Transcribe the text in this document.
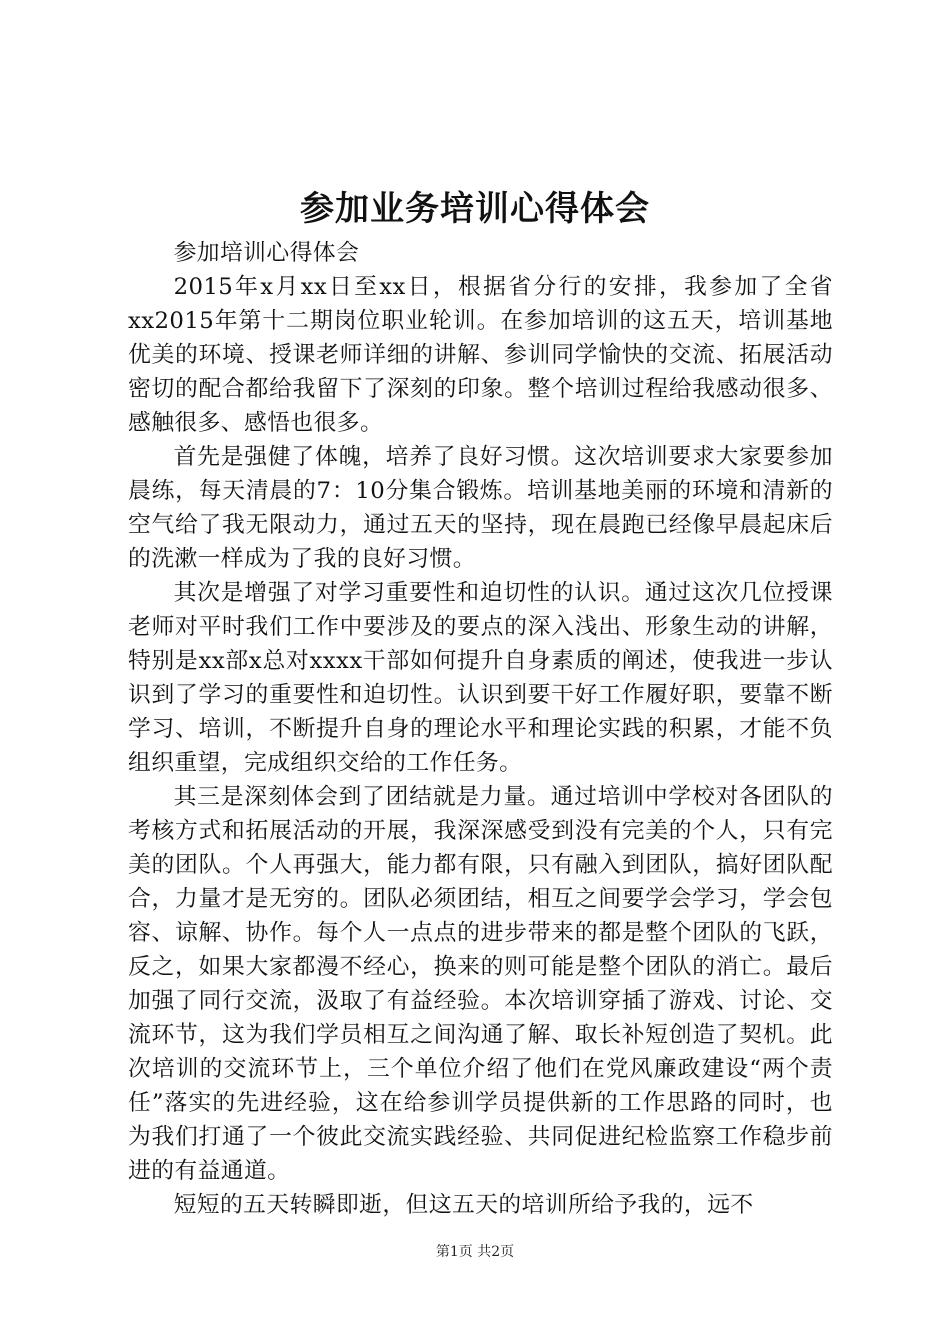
参加业务培训心得体会

参加培训心得体会

2015年x月xx日至xx日，根据省分行的安排，我参加了全省xx2015年第十二期岗位职业轮训。在参加培训的这五天，培训基地优美的环境、授课老师详细的讲解、参训同学愉快的交流、拓展活动密切的配合都给我留下了深刻的印象。整个培训过程给我感动很多、感触很多、感悟也很多。

首先是强健了体魄，培养了良好习惯。这次培训要求大家要参加晨练，每天清晨的7：10分集合锻炼。培训基地美丽的环境和清新的空气给了我无限动力，通过五天的坚持，现在晨跑已经像早晨起床后的洗漱一样成为了我的良好习惯。

其次是增强了对学习重要性和迫切性的认识。通过这次几位授课老师对平时我们工作中要涉及的要点的深入浅出、形象生动的讲解，特别是xx部x总对xxxx干部如何提升自身素质的阐述，使我进一步认识到了学习的重要性和迫切性。认识到要干好工作履好职，要靠不断学习、培训，不断提升自身的理论水平和理论实践的积累，才能不负组织重望，完成组织交给的工作任务。

其三是深刻体会到了团结就是力量。通过培训中学校对各团队的考核方式和拓展活动的开展，我深深感受到没有完美的个人，只有完美的团队。个人再强大，能力都有限，只有融入到团队，搞好团队配合，力量才是无穷的。团队必须团结，相互之间要学会学习，学会包容、谅解、协作。每个人一点点的进步带来的都是整个团队的飞跃，反之，如果大家都漫不经心，换来的则可能是整个团队的消亡。最后加强了同行交流，汲取了有益经验。本次培训穿插了游戏、讨论、交流环节，这为我们学员相互之间沟通了解、取长补短创造了契机。此次培训的交流环节上，三个单位介绍了他们在党风廉政建设“两个责任”落实的先进经验，这在给参训学员提供新的工作思路的同时，也为我们打通了一个彼此交流实践经验、共同促进纪检监察工作稳步前进的有益通道。

短短的五天转瞬即逝，但这五天的培训所给予我的，远不

第1页 共2页
